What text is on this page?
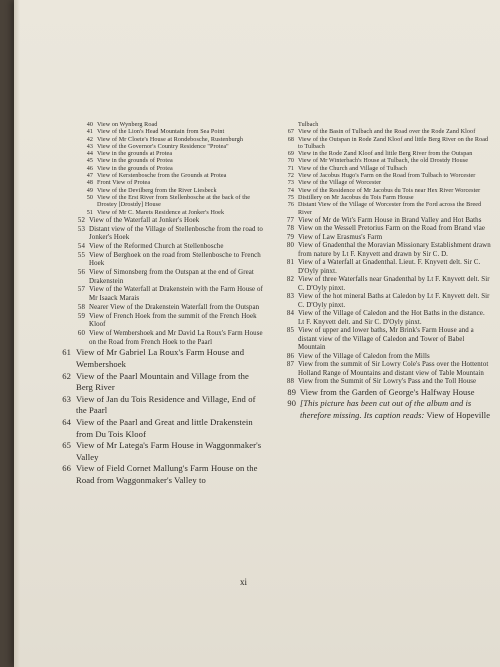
40 View on Wynberg Road
41 View of the Lion's Head Mountain from Sea Point
42 View of Mr Cloete's House at Rondebosche, Rustenburgh
43 View of the Governor's Country Residence "Protea"
44 View in the grounds at Protea
45 View in the grounds of Protea
46 View in the grounds of Protea
47 View of Kerstenbosche from the Grounds at Protea
48 Front View of Protea
49 View of the Devilberg from the River Liesbeck
50 View of the Erst River from Stellenbosche at the back of the Drostey [Drostdy] House
51 View of Mr C. Marets Residence at Jonker's Hoek
52 View of the Waterfall at Jonker's Hoek
53 Distant view of the Village of Stellenbosche from the road to Jonker's Hoek
54 View of the Reformed Church at Stellenbosche
55 View of Berghoek on the road from Stellenbosche to French Hoek
56 View of Simonsberg from the Outspan at the end of Great Drakenstein
57 View of the Waterfall at Drakenstein with the Farm House of Mr Isaack Marais
58 Nearer View of the Drakenstein Waterfall from the Outspan
59 View of French Hoek from the summit of the French Hoek Kloof
60 View of Wembershoek and Mr David La Roux's Farm House on the Road from French Hoek to the Paarl
61 View of Mr Gabriel La Roux's Farm House and Wembershoek
62 View of the Paarl Mountain and Village from the Berg River
63 View of Jan du Tois Residence and Village, End of the Paarl
64 View of the Paarl and Great and little Drakenstein from Du Tois Kloof
65 View of Mr Latega's Farm House in Waggonmaker's Valley
66 View of Field Cornet Mallung's Farm House on the Road from Waggonmaker's Valley to
Tulbach
67 View of the Basin of Tulbach and the Road over the Rode Zand Kloof
68 View of the Outspan in Rode Zand Kloof and little Berg River on the Road to Tulbach
69 View in the Rode Zand Kloof and little Berg River from the Outspan
70 View of Mr Winterbach's House at Tulbach, the old Drostdy House
71 View of the Church and Village of Tulbach
72 View of Jacobus Hugo's Farm on the Road from Tulbach to Worcester
73 View of the Village of Worcester
74 View of the Residence of Mr Jacobus du Tois near Hex River Worcester
75 Distillery on Mr Jacobus du Tois Farm House
76 Distant View of the Village of Worcester from the Ford across the Breed River
77 View of Mr de Wit's Farm House in Brand Valley and Hot Baths
78 View on the Wessell Pretorius Farm on the Road from Brand vlae
79 View of Law Erasmus's Farm
80 View of Gnadenthal the Moravian Missionary Establishment drawn from nature by Lt F. Knyvett and drawn by Sir C. D.
81 View of a Waterfall at Gnadenthal. Lieut. F. Knyvett delt. Sir C. D'Oyly pinxt.
82 View of three Waterfalls near Gnadenthal by Lt F. Knyvett delt. Sir C. D'Oyly pinxt.
83 View of the hot mineral Baths at Caledon by Lt F. Knyvett delt. Sir C. D'Oyly pinxt.
84 View of the Village of Caledon and the Hot Baths in the distance. Lt F. Knyvett delt. and Sir C. D'Oyly pinxt.
85 View of upper and lower baths, Mr Brink's Farm House and a distant view of the Village of Caledon and Tower of Babel Mountain
86 View of the Village of Caledon from the Mills
87 View from the summit of Sir Lowry Cole's Pass over the Hottentot Holland Range of Mountains and distant view of Table Mountain
88 View from the Summit of Sir Lowry's Pass and the Toll House
89 View from the Garden of George's Halfway House
90 [This picture has been cut out of the album and is therefore missing. Its caption reads: View of Hopeville
xi
